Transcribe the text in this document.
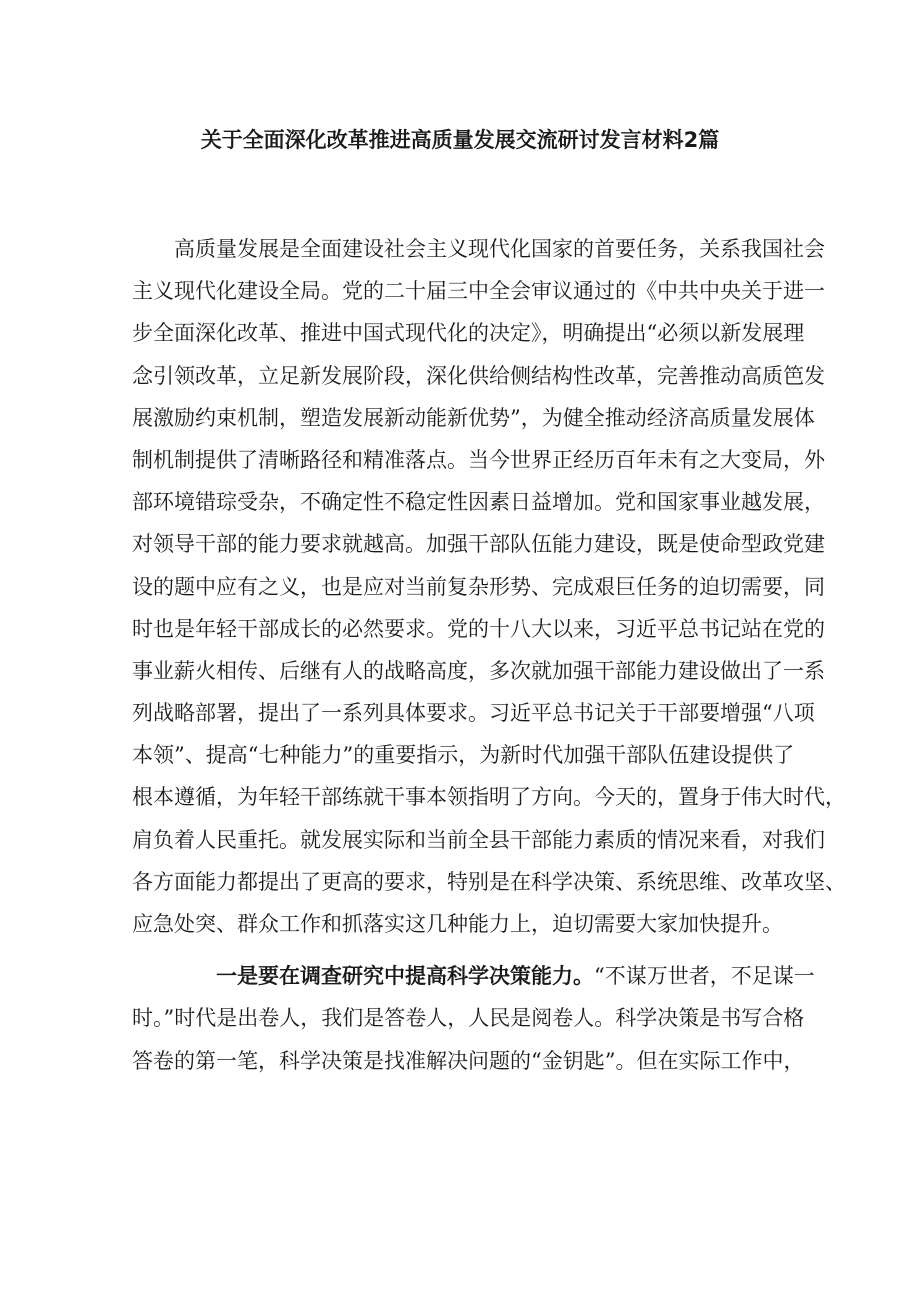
关于全面深化改革推进高质量发展交流研讨发言材料2篇
高质量发展是全面建设社会主义现代化国家的首要任务，关系我国社会
主义现代化建设全局。党的二十届三中全会审议通过的《中共中央关于进一
步全面深化改革、推进中国式现代化的决定》，明确提出“必须以新发展理
念引领改革，立足新发展阶段，深化供给侧结构性改革，完善推动高质笆发
展激励约束机制，塑造发展新动能新优势”，为健全推动经济高质量发展体
制机制提供了清晰路径和精准落点。当今世界正经历百年未有之大变局，外
部环境错琮受杂，不确定性不稳定性因素日益增加。党和国家事业越发展，
对领导干部的能力要求就越高。加强干部队伍能力建设，既是使命型政党建
设的题中应有之义，也是应对当前复杂形势、完成艰巨任务的迫切需要，同
时也是年轻干部成长的必然要求。党的十八大以来，习近平总书记站在党的
事业薪火相传、后继有人的战略高度，多次就加强干部能力建设做出了一系
列战略部署，提出了一系列具体要求。习近平总书记关于干部要增强“八项
本领”、提高“七种能力”的重要指示，为新时代加强干部队伍建设提供了
根本遵循，为年轻干部练就干事本领指明了方向。今天的，置身于伟大时代，
肩负着人民重托。就发展实际和当前全县干部能力素质的情况来看，对我们
各方面能力都提出了更高的要求，特别是在科学决策、系统思维、改革攻坚、
应急处突、群众工作和抓落实这几种能力上，迫切需要大家加快提升。
一是要在调查研究中提高科学决策能力。“不谋万世者，不足谋一
时。”时代是出卷人，我们是答卷人，人民是阅卷人。科学决策是书写合格
答卷的第一笔，科学决策是找准解决问题的“金钥匙”。但在实际工作中，
